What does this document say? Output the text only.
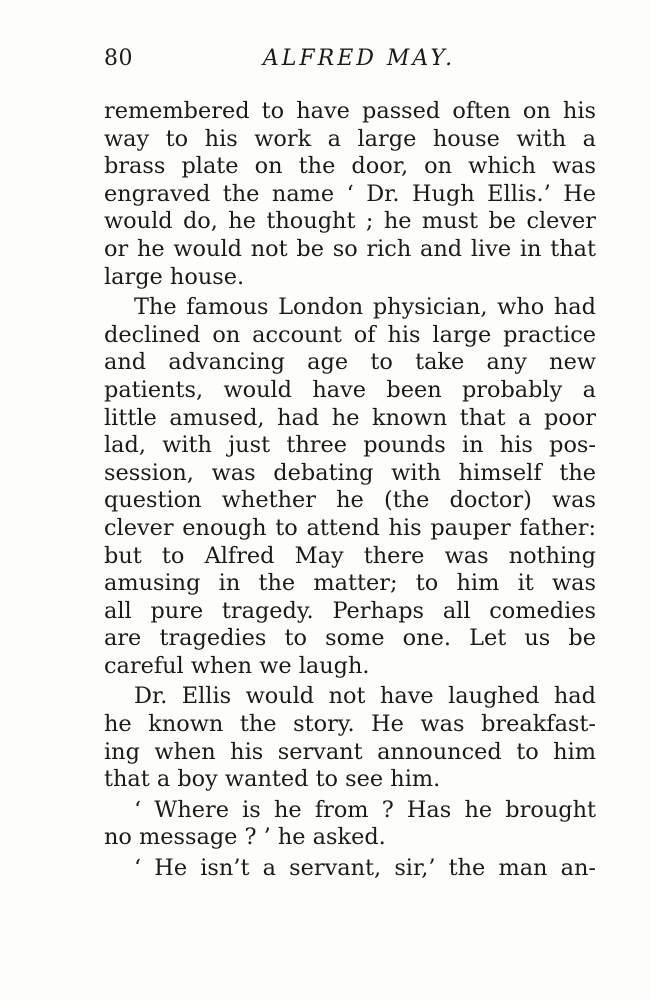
80	ALFRED MAY.
remembered to have passed often on his
way to his work a large house with a
brass plate on the door, on which was
engraved the name ‘ Dr. Hugh Ellis.’ He
would do, he thought ; he must be clever
or he would not be so rich and live in that
large house.
The famous London physician, who had
declined on account of his large practice
and advancing age to take any new
patients, would have been probably a
little amused, had he known that a poor
lad, with just three pounds in his pos-
session, was debating with himself the
question whether he (the doctor) was
clever enough to attend his pauper father:
but to Alfred May there was nothing
amusing in the matter; to him it was
all pure tragedy. Perhaps all comedies
are tragedies to some one. Let us be
careful when we laugh.
Dr. Ellis would not have laughed had
he known the story. He was breakfast-
ing when his servant announced to him
that a boy wanted to see him.
‘ Where is he from ? Has he brought
no message ? ’ he asked.
‘ He isn’t a servant, sir,’ the man an-
